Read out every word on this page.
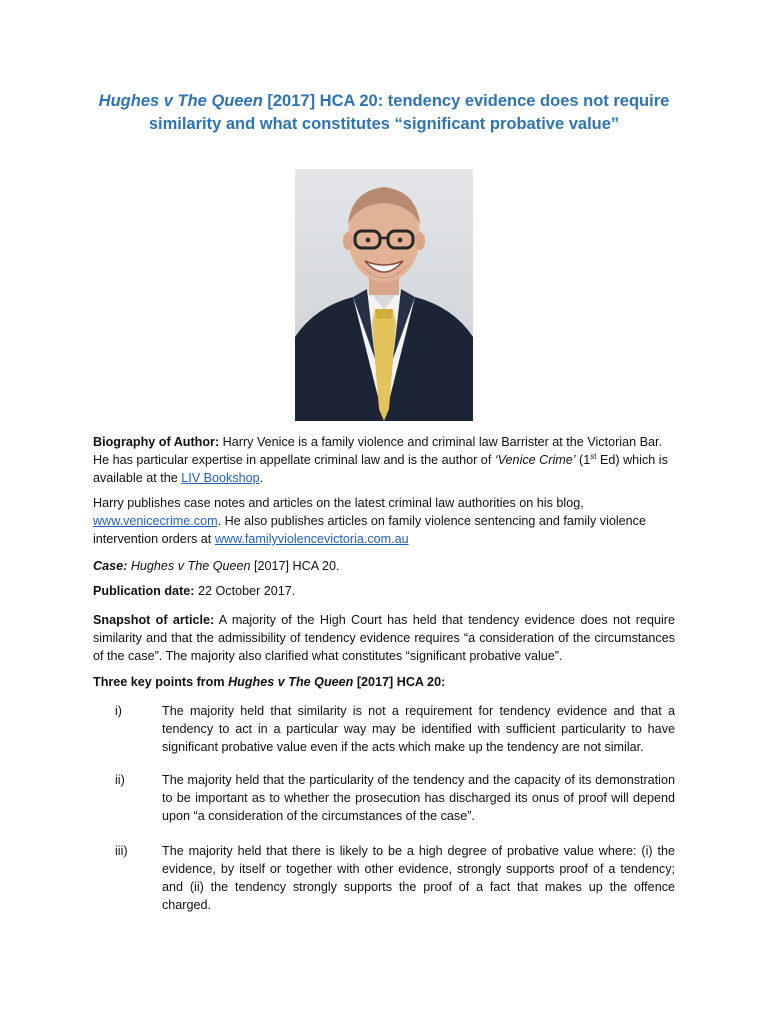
Hughes v The Queen [2017] HCA 20: tendency evidence does not require
similarity and what constitutes “significant probative value”
Biography of Author: Harry Venice is a family violence and criminal law Barrister at the Victorian Bar. He has particular expertise in appellate criminal law and is the author of ‘Venice Crime’ (1st Ed) which is available at the LIV Bookshop.
Harry publishes case notes and articles on the latest criminal law authorities on his blog, www.venicecrime.com. He also publishes articles on family violence sentencing and family violence intervention orders at www.familyviolencevictoria.com.au
Case: Hughes v The Queen [2017] HCA 20.
Publication date: 22 October 2017.
Snapshot of article: A majority of the High Court has held that tendency evidence does not require similarity and that the admissibility of tendency evidence requires “a consideration of the circumstances of the case”. The majority also clarified what constitutes “significant probative value”.
Three key points from Hughes v The Queen [2017] HCA 20:
i)	The majority held that similarity is not a requirement for tendency evidence and that a tendency to act in a particular way may be identified with sufficient particularity to have significant probative value even if the acts which make up the tendency are not similar.
ii)	The majority held that the particularity of the tendency and the capacity of its demonstration to be important as to whether the prosecution has discharged its onus of proof will depend upon “a consideration of the circumstances of the case”.
iii)	The majority held that there is likely to be a high degree of probative value where: (i) the evidence, by itself or together with other evidence, strongly supports proof of a tendency; and (ii) the tendency strongly supports the proof of a fact that makes up the offence charged.
